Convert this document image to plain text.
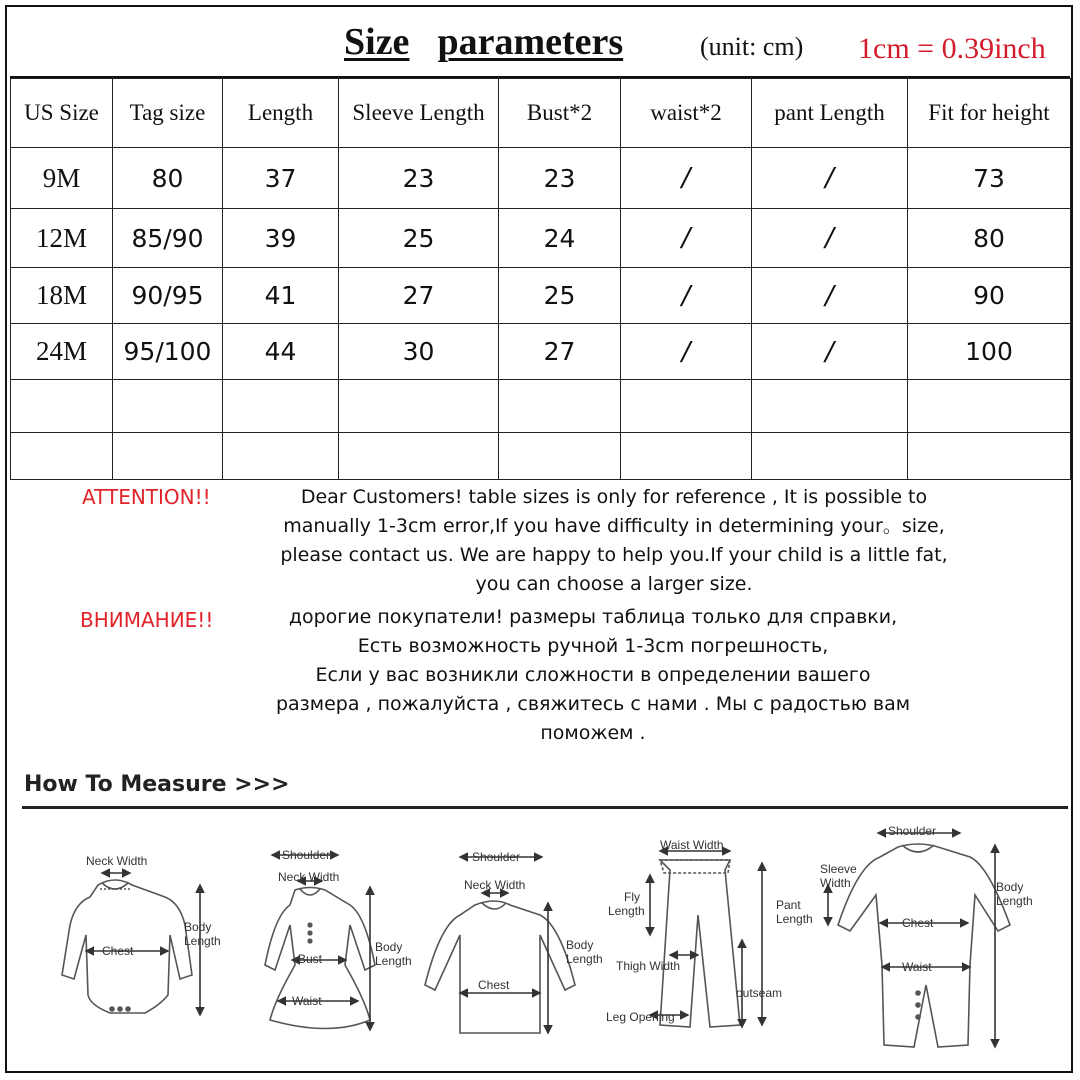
Size parameters	(unit: cm) 1cm = 0.39inch
US Size	Tag size	Length	Sleeve Length	Bust*2	waist*2	pant Length	Fit for height
9M	80	37	23	23	/	/	73
12M	85/90	39	25	24	/	/	80
18M	90/95	41	27	25	/	/	90
24M	95/100	44	30	27	/	/	100

ATTENTION!!	Dear Customers! table sizes is only for reference , It is possible to
manually 1-3cm error,If you have difficulty in determining your。size,
please contact us. We are happy to help you.If your child is a little fat,
you can choose a larger size.
ВНИМАНИЕ!!	дорогие покупатели! размеры таблица только для справки,
Есть возможность ручной 1-3cm погрешность,
Если у вас возникли сложности в определении вашего
размера , пожалуйста , свяжитесь с нами . Мы с радостью вам
поможем .
How To Measure >>>
Neck Width
Chest
Body
Length
Shoulder
Neck Width
Bust
Waist
Body
Length
Shoulder
Neck Width
Chest
Body
Length
Waist Width
Fly
Length	Pant
Length
Thigh Width
outseam
Leg Opening
Shoulder
Sleeve
Width
Chest
Waist
Body
Length
